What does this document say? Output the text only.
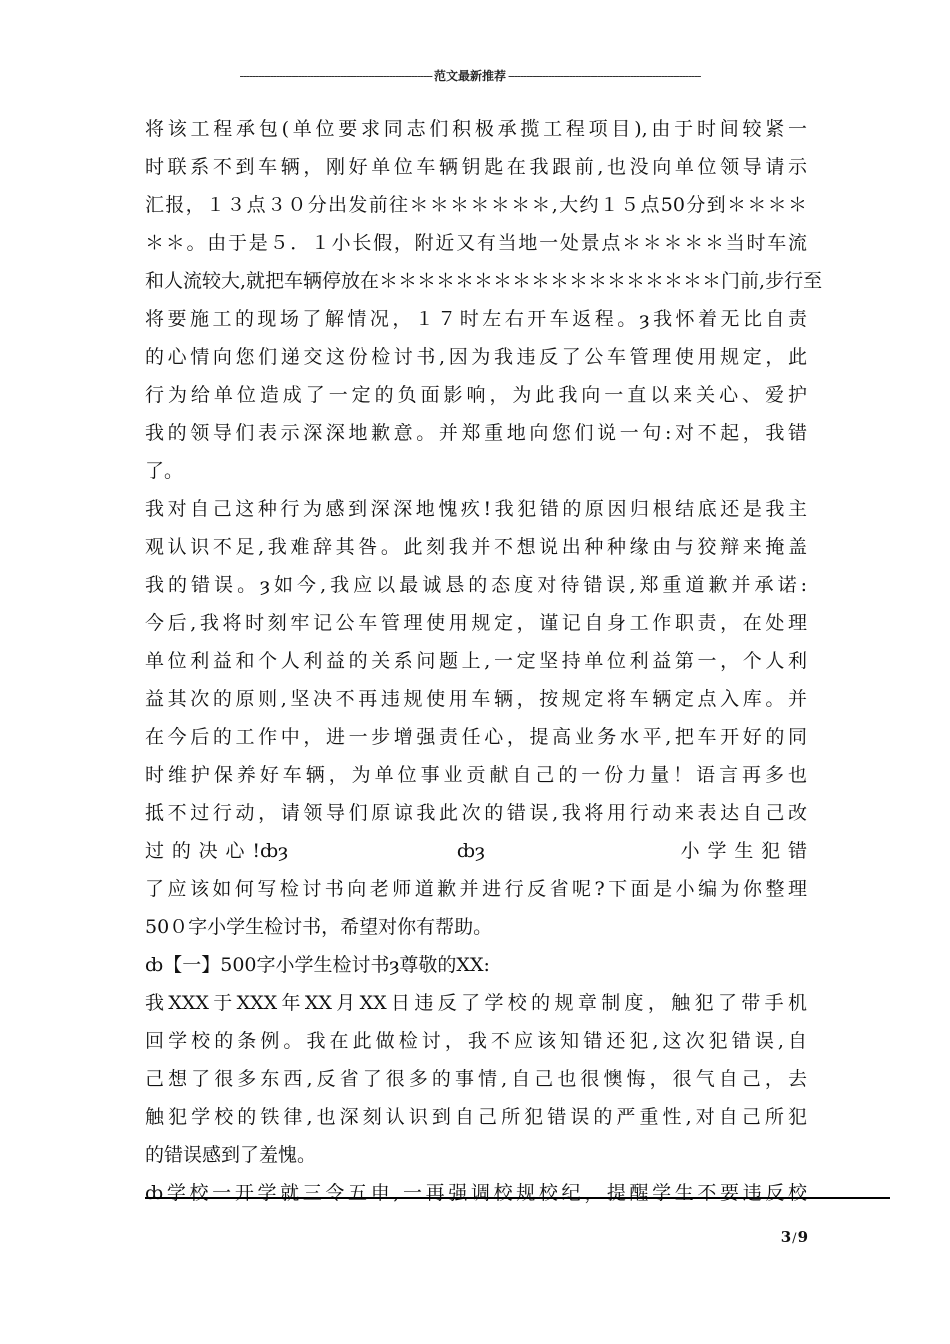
--------------------------------------------------------------- 范文最新推荐 ---------------------------------------------------------------
将该工程承包(单位要求同志们积极承揽工程项目),由于时间较紧一
时联系不到车辆，刚好单位车辆钥匙在我跟前,也没向单位领导请示
汇报，１３点３０分出发前往＊＊＊＊＊＊＊,大约１５点50分到＊＊＊＊
＊＊。由于是５．１小长假，附近又有当地一处景点＊＊＊＊＊当时车流
和人流较大,就把车辆停放在＊＊＊＊＊＊＊＊＊＊＊＊＊＊＊＊＊＊门前,步行至
将要施工的现场了解情况，１７时左右开车返程。ȝ我怀着无比自责
的心情向您们递交这份检讨书,因为我违反了公车管理使用规定，此
行为给单位造成了一定的负面影响，为此我向一直以来关心、爱护
我的领导们表示深深地歉意。并郑重地向您们说一句:对不起，我错
了。
我对自己这种行为感到深深地愧疚!我犯错的原因归根结底还是我主
观认识不足,我难辞其咎。此刻我并不想说出种种缘由与狡辩来掩盖
我的错误。ȝ如今,我应以最诚恳的态度对待错误,郑重道歉并承诺:
今后,我将时刻牢记公车管理使用规定，谨记自身工作职责，在处理
单位利益和个人利益的关系问题上,一定坚持单位利益第一，个人利
益其次的原则,坚决不再违规使用车辆，按规定将车辆定点入库。并
在今后的工作中，进一步增强责任心，提高业务水平,把车开好的同
时维护保养好车辆，为单位事业贡献自己的一份力量！语言再多也
抵不过行动，请领导们原谅我此次的错误,我将用行动来表达自己改
过的决心!ȸȝ　　　　　　ȸȝ　　　　　　　小学生犯错
了应该如何写检讨书向老师道歉并进行反省呢?下面是小编为你整理
50０字小学生检讨书，希望对你有帮助。
ȸ【一】500字小学生检讨书ȝ尊敬的XX:
我XXX于XXX年XX月XX日违反了学校的规章制度，触犯了带手机
回学校的条例。我在此做检讨，我不应该知错还犯,这次犯错误,自
己想了很多东西,反省了很多的事情,自己也很懊悔，很气自己，去
触犯学校的铁律,也深刻认识到自己所犯错误的严重性,对自己所犯
的错误感到了羞愧。
ȸ学校一开学就三令五申,一再强调校规校纪，提醒学生不要违反校
3/9
